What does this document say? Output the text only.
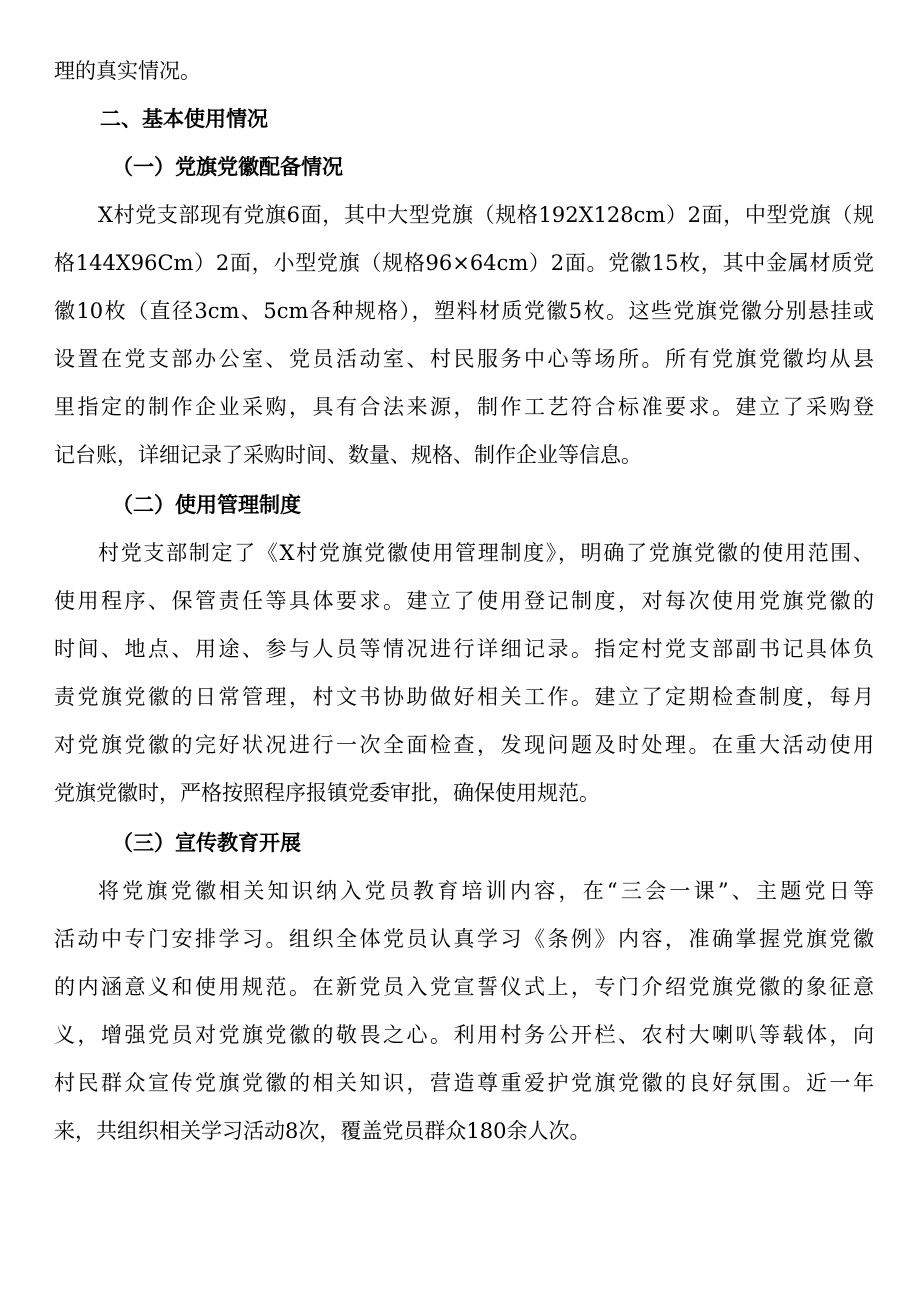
理的真实情况。
二、基本使用情况
（一）党旗党徽配备情况
X村党支部现有党旗6面，其中大型党旗（规格192X128cm）2面，中型党旗（规
格144X96Cm）2面，小型党旗（规格96×64cm）2面。党徽15枚，其中金属材质党
徽10枚（直径3cm、5cm各种规格），塑料材质党徽5枚。这些党旗党徽分别悬挂或
设置在党支部办公室、党员活动室、村民服务中心等场所。所有党旗党徽均从县
里指定的制作企业采购，具有合法来源，制作工艺符合标准要求。建立了采购登
记台账，详细记录了采购时间、数量、规格、制作企业等信息。
（二）使用管理制度
村党支部制定了《X村党旗党徽使用管理制度》，明确了党旗党徽的使用范围、
使用程序、保管责任等具体要求。建立了使用登记制度，对每次使用党旗党徽的
时间、地点、用途、参与人员等情况进行详细记录。指定村党支部副书记具体负
责党旗党徽的日常管理，村文书协助做好相关工作。建立了定期检查制度，每月
对党旗党徽的完好状况进行一次全面检查，发现问题及时处理。在重大活动使用
党旗党徽时，严格按照程序报镇党委审批，确保使用规范。
（三）宣传教育开展
将党旗党徽相关知识纳入党员教育培训内容，在“三会一课”、主题党日等
活动中专门安排学习。组织全体党员认真学习《条例》内容，准确掌握党旗党徽
的内涵意义和使用规范。在新党员入党宣誓仪式上，专门介绍党旗党徽的象征意
义，增强党员对党旗党徽的敬畏之心。利用村务公开栏、农村大喇叭等载体，向
村民群众宣传党旗党徽的相关知识，营造尊重爱护党旗党徽的良好氛围。近一年
来，共组织相关学习活动8次，覆盖党员群众180余人次。
